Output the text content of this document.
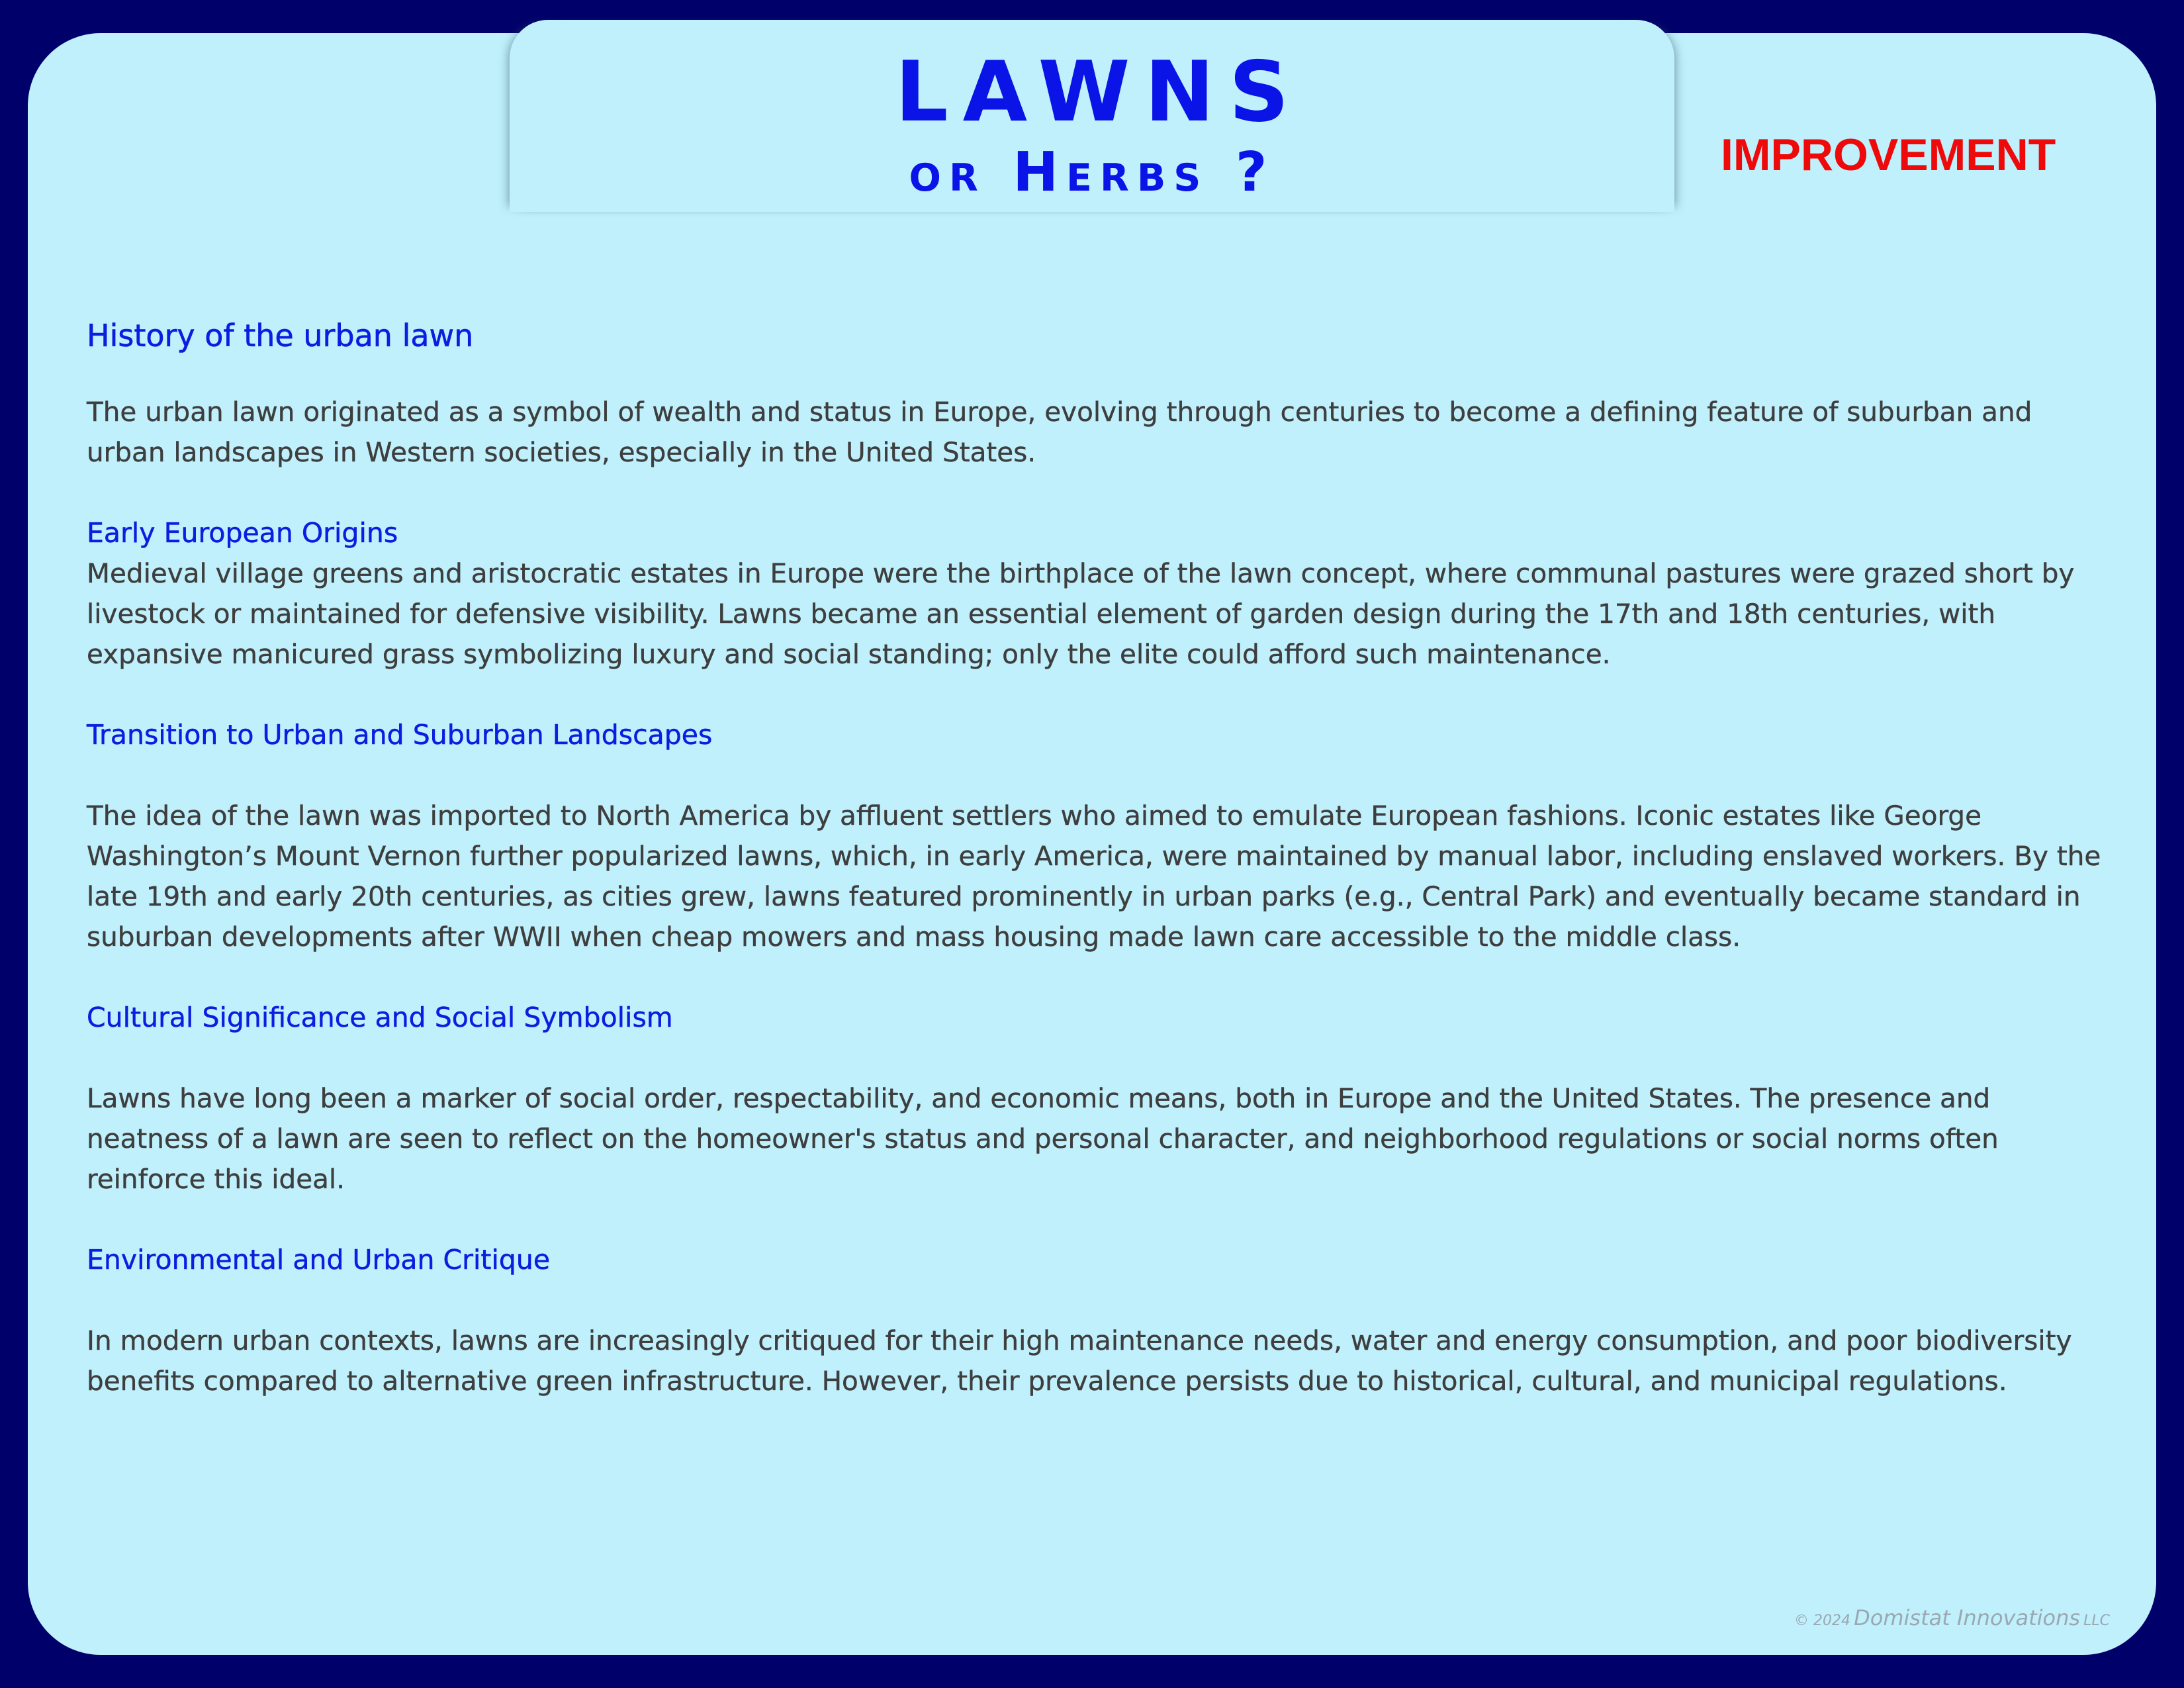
LAWNS
or Herbs ?	IMPROVEMENT
History of the urban lawn

The urban lawn originated as a symbol of wealth and status in Europe, evolving through centuries to become a defining feature of suburban and urban landscapes in Western societies, especially in the United States.

Early European Origins

Medieval village greens and aristocratic estates in Europe were the birthplace of the lawn concept, where communal pastures were grazed short by livestock or maintained for defensive visibility. Lawns became an essential element of garden design during the 17th and 18th centuries, with expansive manicured grass symbolizing luxury and social standing; only the elite could afford such maintenance.

Transition to Urban and Suburban Landscapes

The idea of the lawn was imported to North America by affluent settlers who aimed to emulate European fashions. Iconic estates like George Washington’s Mount Vernon further popularized lawns, which, in early America, were maintained by manual labor, including enslaved workers. By the late 19th and early 20th centuries, as cities grew, lawns featured prominently in urban parks (e.g., Central Park) and eventually became standard in suburban developments after WWII when cheap mowers and mass housing made lawn care accessible to the middle class.

Cultural Significance and Social Symbolism

Lawns have long been a marker of social order, respectability, and economic means, both in Europe and the United States. The presence and neatness of a lawn are seen to reflect on the homeowner's status and personal character, and neighborhood regulations or social norms often reinforce this ideal.

Environmental and Urban Critique

In modern urban contexts, lawns are increasingly critiqued for their high maintenance needs, water and energy consumption, and poor biodiversity benefits compared to alternative green infrastructure. However, their prevalence persists due to historical, cultural, and municipal regulations.

© 2024 Domistat Innovations LLC
